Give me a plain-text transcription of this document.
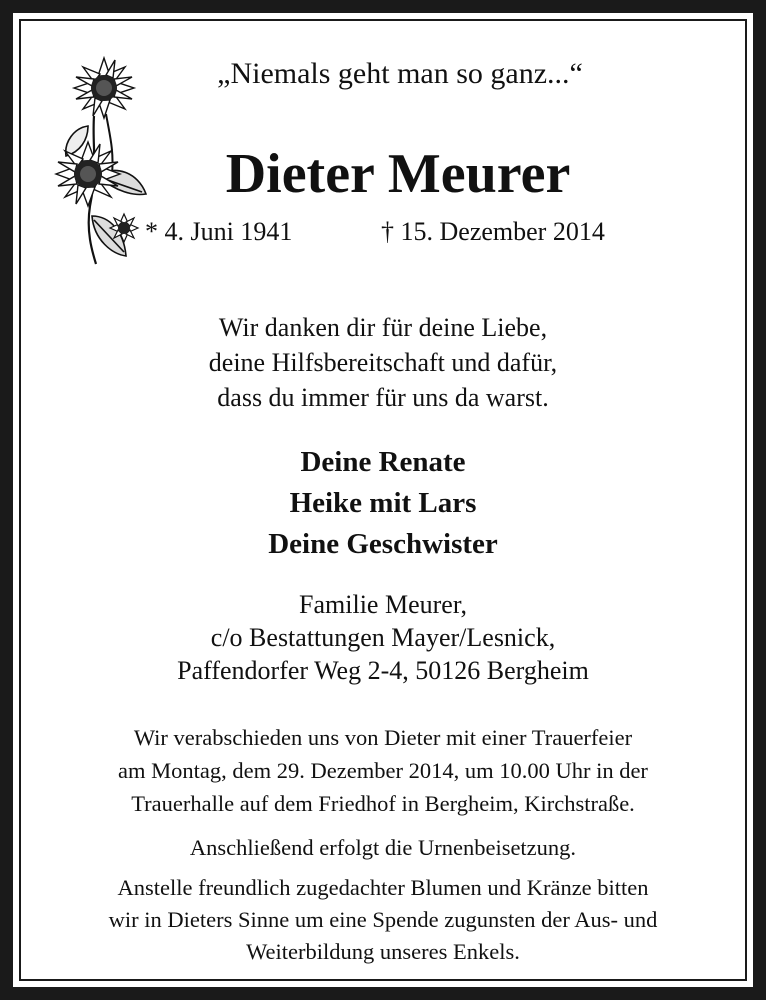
„Niemals geht man so ganz...“
Dieter Meurer
* 4. Juni 1941	† 15. Dezember 2014
Wir danken dir für deine Liebe,
deine Hilfsbereitschaft und dafür,
dass du immer für uns da warst.
Deine Renate
Heike mit Lars
Deine Geschwister
Familie Meurer,
c/o Bestattungen Mayer/Lesnick,
Paffendorfer Weg 2-4, 50126 Bergheim
Wir verabschieden uns von Dieter mit einer Trauerfeier
am Montag, dem 29. Dezember 2014, um 10.00 Uhr in der
Trauerhalle auf dem Friedhof in Bergheim, Kirchstraße.
Anschließend erfolgt die Urnenbeisetzung.
Anstelle freundlich zugedachter Blumen und Kränze bitten
wir in Dieters Sinne um eine Spende zugunsten der Aus- und
Weiterbildung unseres Enkels.
